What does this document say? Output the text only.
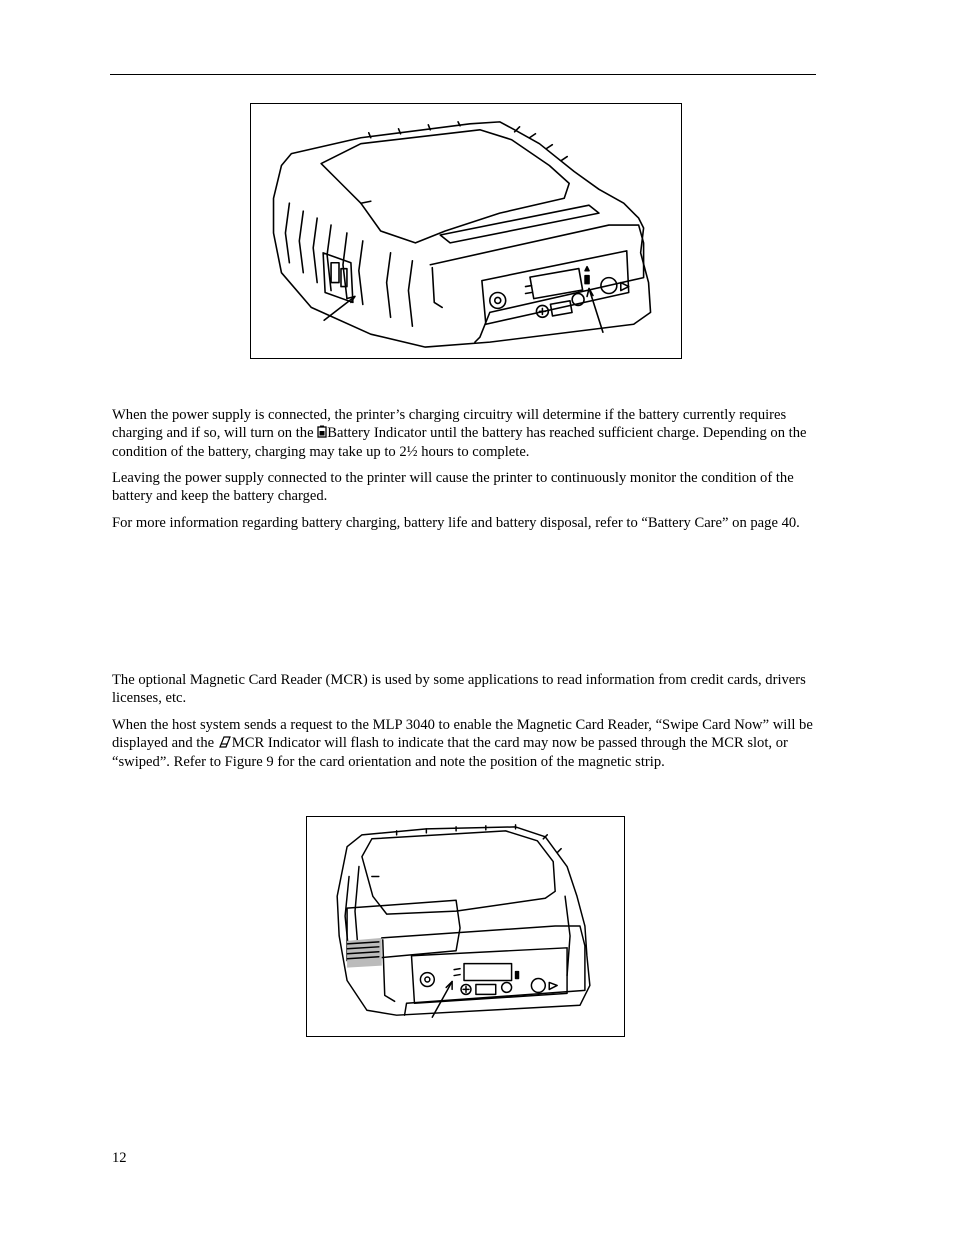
When the power supply is connected, the printer’s charging circuitry will determine if the battery currently requires charging and if so, will turn on the Battery Indicator until the battery has reached sufficient charge. Depending on the condition of the battery, charging may take up to 2½ hours to complete.

Leaving the power supply connected to the printer will cause the printer to continuously monitor the condition of the battery and keep the battery charged.

For more information regarding battery charging, battery life and battery disposal, refer to “Battery Care” on page 40.

The optional Magnetic Card Reader (MCR) is used by some applications to read information from credit cards, drivers licenses, etc.

When the host system sends a request to the MLP 3040 to enable the Magnetic Card Reader, “Swipe Card Now” will be displayed and the MCR Indicator will flash to indicate that the card may now be passed through the MCR slot, or “swiped”. Refer to Figure 9 for the card orientation and note the position of the magnetic strip.

12
